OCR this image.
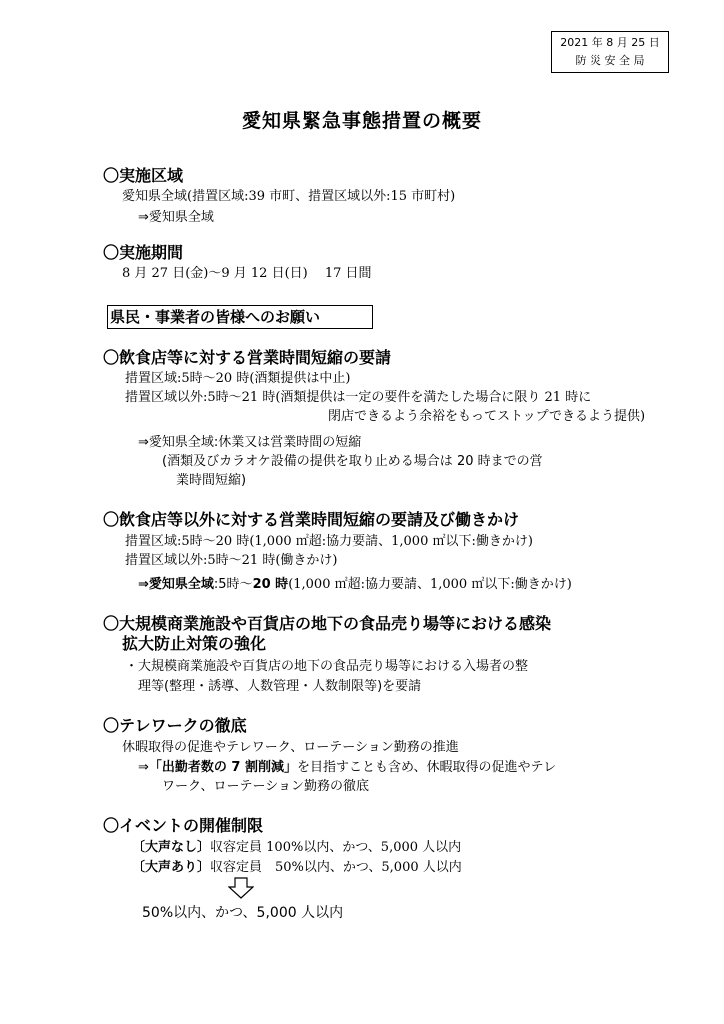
2021 年 8 月 25 日
防 災 安 全 局
愛知県緊急事態措置の概要
〇実施区域
愛知県全域(措置区域:39 市町、措置区域以外:15 市町村)
⇒愛知県全域
〇実施期間
8 月 27 日(金)〜9 月 12 日(日)　 17 日間
県民・事業者の皆様へのお願い
〇飲食店等に対する営業時間短縮の要請
措置区域:5時〜20 時(酒類提供は中止)
措置区域以外:5時〜21 時(酒類提供は一定の要件を満たした場合に限り 21 時に
閉店できるよう余裕をもってストップできるよう提供)
⇒愛知県全域:休業又は営業時間の短縮
(酒類及びカラオケ設備の提供を取り止める場合は 20 時までの営
業時間短縮)
〇飲食店等以外に対する営業時間短縮の要請及び働きかけ
措置区域:5時〜20 時(1,000 ㎡超:協力要請、1,000 ㎡以下:働きかけ)
措置区域以外:5時〜21 時(働きかけ)
⇒愛知県全域:5時〜20 時(1,000 ㎡超:協力要請、1,000 ㎡以下:働きかけ)
〇大規模商業施設や百貨店の地下の食品売り場等における感染
拡大防止対策の強化
・大規模商業施設や百貨店の地下の食品売り場等における入場者の整
理等(整理・誘導、人数管理・人数制限等)を要請
〇テレワークの徹底
休暇取得の促進やテレワーク、ローテーション勤務の推進
⇒「出勤者数の 7 割削減」を目指すことも含め、休暇取得の促進やテレ
ワーク、ローテーション勤務の徹底
〇イベントの開催制限
〔大声なし〕収容定員 100%以内、かつ、5,000 人以内
〔大声あり〕収容定員　50%以内、かつ、5,000 人以内
50%以内、かつ、5,000 人以内
